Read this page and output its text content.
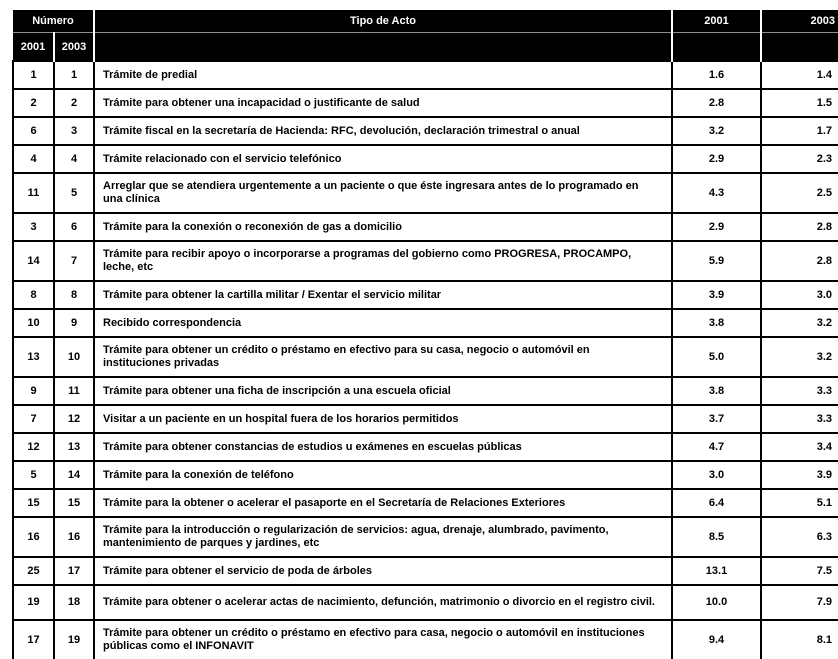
Número		Tipo de Acto	2001	2003
2001	2003			
1	1	Trámite de predial	1.6	1.4
2	2	Trámite para obtener una incapacidad o justificante de salud	2.8	1.5
6	3	Trámite fiscal en la secretaría de Hacienda: RFC, devolución, declaración trimestral o anual	3.2	1.7
4	4	Trámite relacionado con el servicio telefónico	2.9	2.3
11	5	Arreglar que se atendiera urgentemente a un paciente o que éste ingresara antes de lo programado en una clínica	4.3	2.5
3	6	Trámite para la conexión o reconexión de gas a domicilio	2.9	2.8
14	7	Trámite para recibir apoyo o incorporarse a programas del gobierno como PROGRESA, PROCAMPO, leche, etc	5.9	2.8
8	8	Trámite para obtener la cartilla militar / Exentar el servicio militar	3.9	3.0
10	9	Recibido correspondencia	3.8	3.2
13	10	Trámite para obtener un crédito o préstamo en efectivo para su casa, negocio o automóvil en instituciones privadas	5.0	3.2
9	11	Trámite para obtener una ficha de inscripción a una escuela oficial	3.8	3.3
7	12	Visitar a un paciente en un hospital fuera de los horarios permitidos	3.7	3.3
12	13	Trámite para obtener constancias de estudios u exámenes en escuelas públicas	4.7	3.4
5	14	Trámite para la conexión de teléfono	3.0	3.9
15	15	Trámite para la obtener o acelerar el pasaporte en el Secretaría de Relaciones Exteriores	6.4	5.1
16	16	Trámite para la introducción o regularización de servicios: agua, drenaje, alumbrado, pavimento, mantenimiento de parques y jardines, etc	8.5	6.3
25	17	Trámite para obtener el servicio de poda de árboles	13.1	7.5
19	18	Trámite para obtener o acelerar actas de nacimiento, defunción, matrimonio o divorcio en el registro civil.	10.0	7.9
17	19	Trámite para obtener un crédito o préstamo en efectivo para casa, negocio o automóvil en instituciones públicas como el INFONAVIT	9.4	8.1
